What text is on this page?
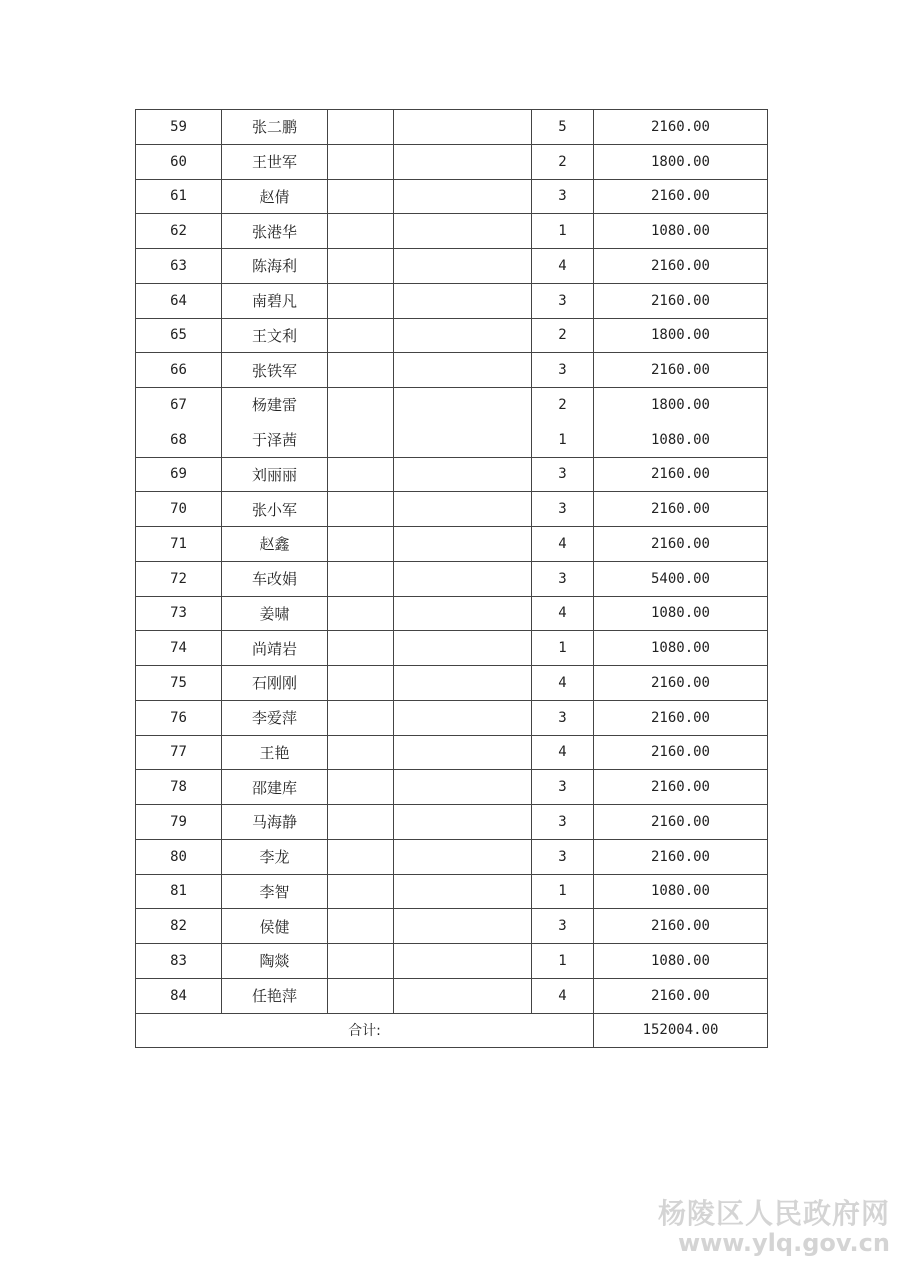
59	张二鹏			5	2160.00
60	王世军			2	1800.00
61	赵倩			3	2160.00
62	张港华			1	1080.00
63	陈海利			4	2160.00
64	南碧凡			3	2160.00
65	王文利			2	1800.00
66	张铁军			3	2160.00
67	杨建雷			2	1800.00
68	于泽茜			1	1080.00
69	刘丽丽			3	2160.00
70	张小军			3	2160.00
71	赵鑫			4	2160.00
72	车改娟			3	5400.00
73	姜啸			4	1080.00
74	尚靖岩			1	1080.00
75	石刚刚			4	2160.00
76	李爱萍			3	2160.00
77	王艳			4	2160.00
78	邵建库			3	2160.00
79	马海静			3	2160.00
80	李龙			3	2160.00
81	李智			1	1080.00
82	侯健			3	2160.00
83	陶燚			1	1080.00
84	任艳萍			4	2160.00
合计:					152004.00
杨陵区人民政府网
www.ylq.gov.cn
